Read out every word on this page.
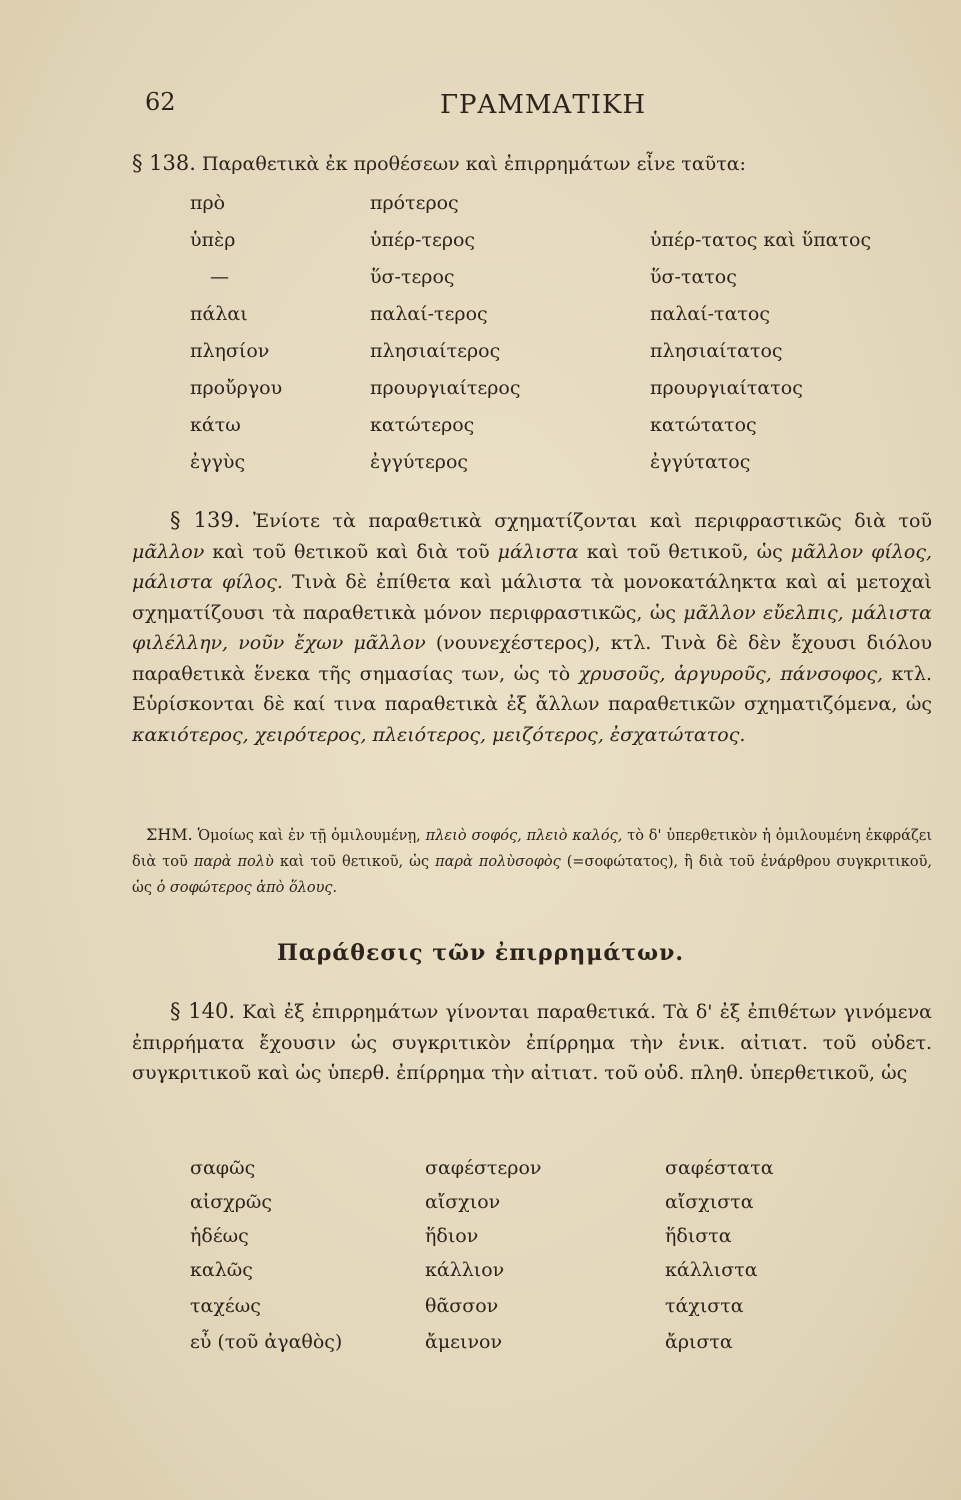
62	ΓΡΑΜΜΑΤΙΚΗ
§ 138. Παραθετικὰ ἐκ προθέσεων καὶ ἐπιρρημάτων εἶνε ταῦτα:
πρὸ	πρότερος
ὑπὲρ	ὑπέρ-τερος	ὑπέρ-τατος καὶ ὕπατος
—	ὕσ-τερος	ὕσ-τατος
πάλαι	παλαί-τερος	παλαί-τατος
πλησίον	πλησιαίτερος	πλησιαίτατος
προὔργου	προυργιαίτερος	προυργιαίτατος
κάτω	κατώτερος	κατώτατος
ἐγγὺς	ἐγγύτερος	ἐγγύτατος
§ 139. Ἐνίοτε τὰ παραθετικὰ σχηματίζονται καὶ περιφραστικῶς διὰ τοῦ μᾶλλον καὶ τοῦ θετικοῦ καὶ διὰ τοῦ μάλιστα καὶ τοῦ θετικοῦ, ὡς μᾶλλον φίλος, μάλιστα φίλος. Τινὰ δὲ ἐπίθετα καὶ μάλιστα τὰ μονοκατάληκτα καὶ αἱ μετοχαὶ σχηματίζουσι τὰ παραθετικὰ μόνον περιφραστικῶς, ὡς μᾶλλον εὔελπις, μάλιστα φιλέλλην, νοῦν ἔχων μᾶλλον (νουνεχέστερος), κτλ. Τινὰ δὲ δὲν ἔχουσι διόλου παραθετικὰ ἕνεκα τῆς σημασίας των, ὡς τὸ χρυσοῦς, ἀργυροῦς, πάνσοφος, κτλ. Εὑρίσκονται δὲ καί τινα παραθετικὰ ἐξ ἄλλων παραθετικῶν σχηματιζόμενα, ὡς κακιότερος, χειρότερος, πλειότερος, μειζότερος, ἐσχατώτατος.
ΣΗΜ. Ὁμοίως καὶ ἐν τῇ ὁμιλουμένῃ, πλειὸ σοφός, πλειὸ καλός, τὸ δ' ὑπερθετικὸν ἡ ὁμιλουμένη ἐκφράζει διὰ τοῦ παρὰ πολὺ καὶ τοῦ θετικοῦ, ὡς παρὰ πολὺσοφὸς (=σοφώτατος), ἢ διὰ τοῦ ἐνάρθρου συγκριτικοῦ, ὡς ὁ σοφώτερος ἀπὸ ὅλους.
Παράθεσις τῶν ἐπιρρημάτων.
§ 140. Καὶ ἐξ ἐπιρρημάτων γίνονται παραθετικά. Τὰ δ' ἐξ ἐπιθέτων γινόμενα ἐπιρρήματα ἔχουσιν ὡς συγκριτικὸν ἐπίρρημα τὴν ἑνικ. αἰτιατ. τοῦ οὐδετ. συγκριτικοῦ καὶ ὡς ὑπερθ. ἐπίρρημα τὴν αἰτιατ. τοῦ οὐδ. πληθ. ὑπερθετικοῦ, ὡς
σαφῶς	σαφέστερον	σαφέστατα
αἰσχρῶς	αἴσχιον	αἴσχιστα
ἡδέως	ἥδιον	ἥδιστα
καλῶς	κάλλιον	κάλλιστα
ταχέως	θᾶσσον	τάχιστα
εὖ (τοῦ ἀγαθὸς)	ἄμεινον	ἄριστα
